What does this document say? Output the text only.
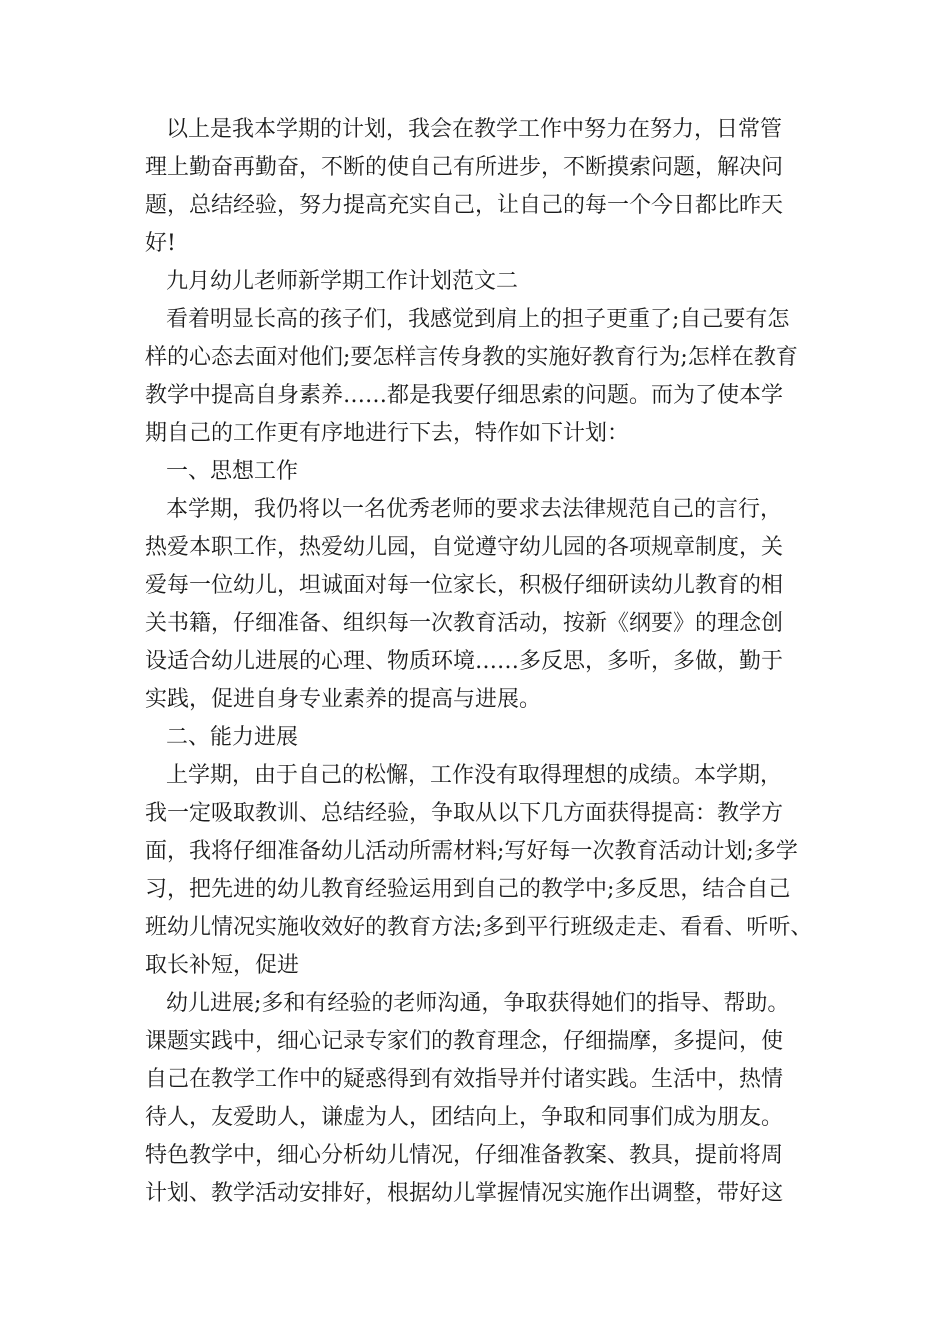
以上是我本学期的计划，我会在教学工作中努力在努力，日常管

理上勤奋再勤奋，不断的使自己有所进步，不断摸索问题，解决问

题，总结经验，努力提高充实自己，让自己的每一个今日都比昨天

好!

九月幼儿老师新学期工作计划范文二

看着明显长高的孩子们，我感觉到肩上的担子更重了;自己要有怎

样的心态去面对他们;要怎样言传身教的实施好教育行为;怎样在教育

教学中提高自身素养……都是我要仔细思索的问题。而为了使本学

期自己的工作更有序地进行下去，特作如下计划：

一、思想工作

本学期，我仍将以一名优秀老师的要求去法律规范自己的言行，

热爱本职工作，热爱幼儿园，自觉遵守幼儿园的各项规章制度，关

爱每一位幼儿，坦诚面对每一位家长，积极仔细研读幼儿教育的相

关书籍，仔细准备、组织每一次教育活动，按新《纲要》的理念创

设适合幼儿进展的心理、物质环境……多反思，多听，多做，勤于

实践，促进自身专业素养的提高与进展。

二、能力进展

上学期，由于自己的松懈，工作没有取得理想的成绩。本学期，

我一定吸取教训、总结经验，争取从以下几方面获得提高：教学方

面，我将仔细准备幼儿活动所需材料;写好每一次教育活动计划;多学

习，把先进的幼儿教育经验运用到自己的教学中;多反思，结合自己

班幼儿情况实施收效好的教育方法;多到平行班级走走、看看、听听、

取长补短，促进

幼儿进展;多和有经验的老师沟通，争取获得她们的指导、帮助。

课题实践中，细心记录专家们的教育理念，仔细揣摩，多提问，使

自己在教学工作中的疑惑得到有效指导并付诸实践。生活中，热情

待人，友爱助人，谦虚为人，团结向上，争取和同事们成为朋友。

特色教学中，细心分析幼儿情况，仔细准备教案、教具，提前将周

计划、教学活动安排好，根据幼儿掌握情况实施作出调整，带好这
